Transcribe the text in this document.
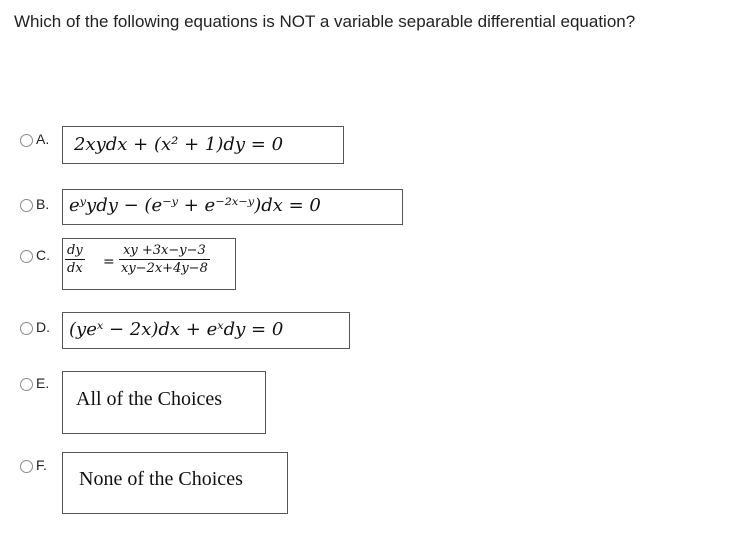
Which of the following equations is NOT a variable separable differential equation?
A. 2xydx + (x² + 1)dy = 0
B. eʸydy − (e⁻ʸ + e⁻²ˣ⁻ʸ)dx = 0
C. $\frac{dy}{dx} = \frac{xy +3x-y-3}{xy-2x+4y-8}$
D. (yeˣ − 2x)dx + eˣdy = 0
E.
All of the Choices
F.
None of the Choices
